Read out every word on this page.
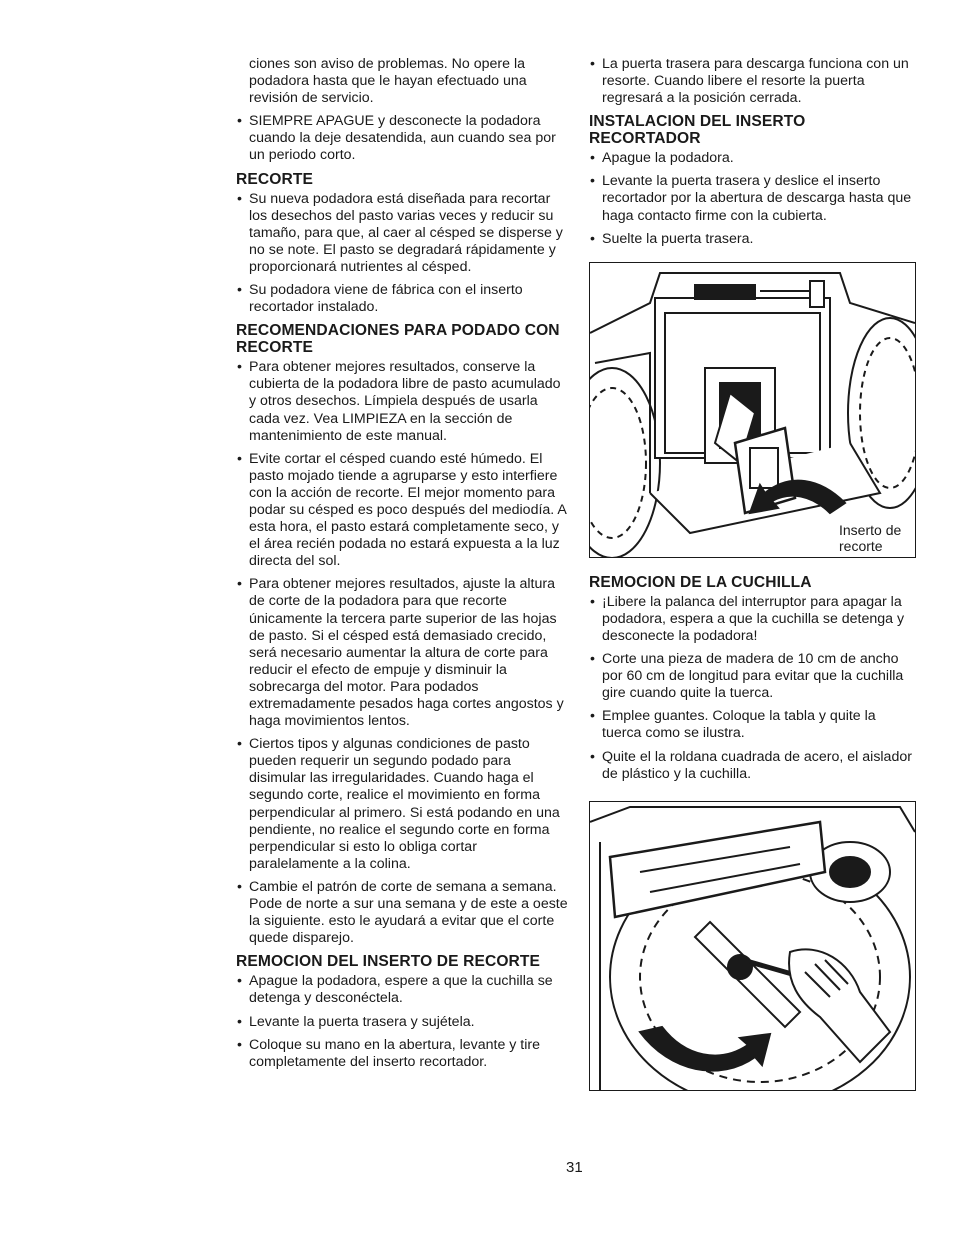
ciones son aviso de problemas. No opere la podadora hasta que le hayan efectuado una revisión de servicio.

• SIEMPRE APAGUE y desconecte la podadora cuando la deje desatendida, aun cuando sea por un periodo corto.
RECORTE
• Su nueva podadora está diseñada para recortar los desechos del pasto varias veces y reducir su tamaño, para que, al caer al césped se disperse y no se note. El pasto se degradará rápidamente y proporcionará nutrientes al césped.
• Su podadora viene de fábrica con el inserto recortador instalado.
RECOMENDACIONES PARA PODADO CON RECORTE
• Para obtener mejores resultados, conserve la cubierta de la podadora libre de pasto acumulado y otros desechos. Límpiela después de usarla cada vez. Vea LIMPIEZA en la sección de mantenimiento de este manual.
• Evite cortar el césped cuando esté húmedo. El pasto mojado tiende a agruparse y esto interfiere con la acción de recorte. El mejor momento para podar su césped es poco después del mediodía. A esta hora, el pasto estará completamente seco, y el área recién podada no estará expuesta a la luz directa del sol.
• Para obtener mejores resultados, ajuste la altura de corte de la podadora para que recorte únicamente la tercera parte superior de las hojas de pasto. Si el césped está demasiado crecido, será necesario aumentar la altura de corte para reducir el efecto de empuje y disminuir la sobrecarga del motor. Para podados extremadamente pesados haga cortes angostos y haga movimientos lentos.
• Ciertos tipos y algunas condiciones de pasto pueden requerir un segundo podado para disimular las irregularidades. Cuando haga el segundo corte, realice el movimiento en forma perpendicular al primero. Si está podando en una pendiente, no realice el segundo corte en forma perpendicular si esto lo obliga cortar paralelamente a la colina.
• Cambie el patrón de corte de semana a semana. Pode de norte a sur una semana y de este a oeste la siguiente. esto le ayudará a evitar que el corte quede disparejo.
REMOCION DEL INSERTO DE RECORTE
• Apague la podadora, espere a que la cuchilla se detenga y desconéctela.
• Levante la puerta trasera y sujétela.
• Coloque su mano en la abertura, levante y tire completamente del inserto recortador.
• La puerta trasera para descarga funciona con un resorte. Cuando libere el resorte la puerta regresará a la posición cerrada.
INSTALACION DEL INSERTO RECORTADOR
• Apague la podadora.
• Levante la puerta trasera y deslice el inserto recortador por la abertura de descarga hasta que haga contacto firme con la cubierta.
• Suelte la puerta trasera.
Inserto de recorte
REMOCION DE LA CUCHILLA
• ¡Libere la palanca del interruptor para apagar la podadora, espera a que la cuchilla se detenga y desconecte la podadora!
• Corte una pieza de madera de 10 cm de ancho por 60 cm de longitud para evitar que la cuchilla gire cuando quite la tuerca.
• Emplee guantes. Coloque la tabla y quite la tuerca como se ilustra.
• Quite el la roldana cuadrada de acero, el aislador de plástico y la cuchilla.
31
